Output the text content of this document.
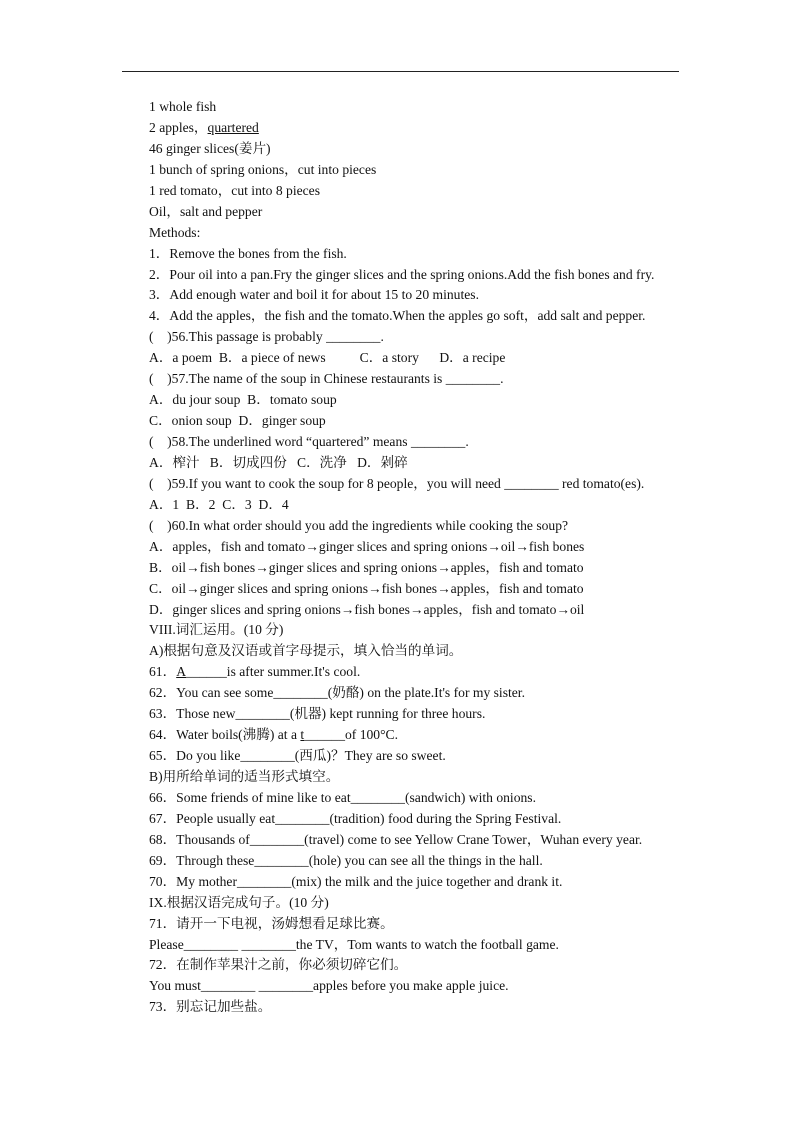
1 whole fish
2 apples，quartered
46 ginger slices(姜片)
1 bunch of spring onions，cut into pieces
1 red tomato，cut into 8 pieces
Oil，salt and pepper
Methods:
1．Remove the bones from the fish.
2．Pour oil into a pan.Fry the ginger slices and the spring onions.Add the fish bones and fry.
3．Add enough water and boil it for about 15 to 20 minutes.
4．Add the apples，the fish and the tomato.When the apples go soft，add salt and pepper.
(　)56.This passage is probably ________.
A．a poem  B．a piece of news          C．a story      D．a recipe
(　)57.The name of the soup in Chinese restaurants is ________.
A．du jour soup  B．tomato soup
C．onion soup  D．ginger soup
(　)58.The underlined word “quartered” means ________.
A．榨汁   B．切成四份   C．洗净   D．剁碎
(　)59.If you want to cook the soup for 8 people，you will need ________ red tomato(es).
A．1  B．2  C．3  D．4
(　)60.In what order should you add the ingredients while cooking the soup?
A．apples，fish and tomato→ginger slices and spring onions→oil→fish bones
B．oil→fish bones→ginger slices and spring onions→apples，fish and tomato
C．oil→ginger slices and spring onions→fish bones→apples，fish and tomato
D．ginger slices and spring onions→fish bones→apples，fish and tomato→oil
VIII.词汇运用。(10 分)
A)根据句意及汉语或首字母提示，填入恰当的单词。
61．A______is after summer.It's cool.
62．You can see some________(奶酪) on the plate.It's for my sister.
63．Those new________(机器) kept running for three hours.
64．Water boils(沸腾) at a t______of 100°C.
65．Do you like________(西瓜)？They are so sweet.
B)用所给单词的适当形式填空。
66．Some friends of mine like to eat________(sandwich) with onions.
67．People usually eat________(tradition) food during the Spring Festival.
68．Thousands of________(travel) come to see Yellow Crane Tower，Wuhan every year.
69．Through these________(hole) you can see all the things in the hall.
70．My mother________(mix) the milk and the juice together and drank it.
IX.根据汉语完成句子。(10 分)
71．请开一下电视，汤姆想看足球比赛。
Please________ ________the TV，Tom wants to watch the football game.
72．在制作苹果汁之前，你必须切碎它们。
You must________ ________apples before you make apple juice.
73．别忘记加些盐。
